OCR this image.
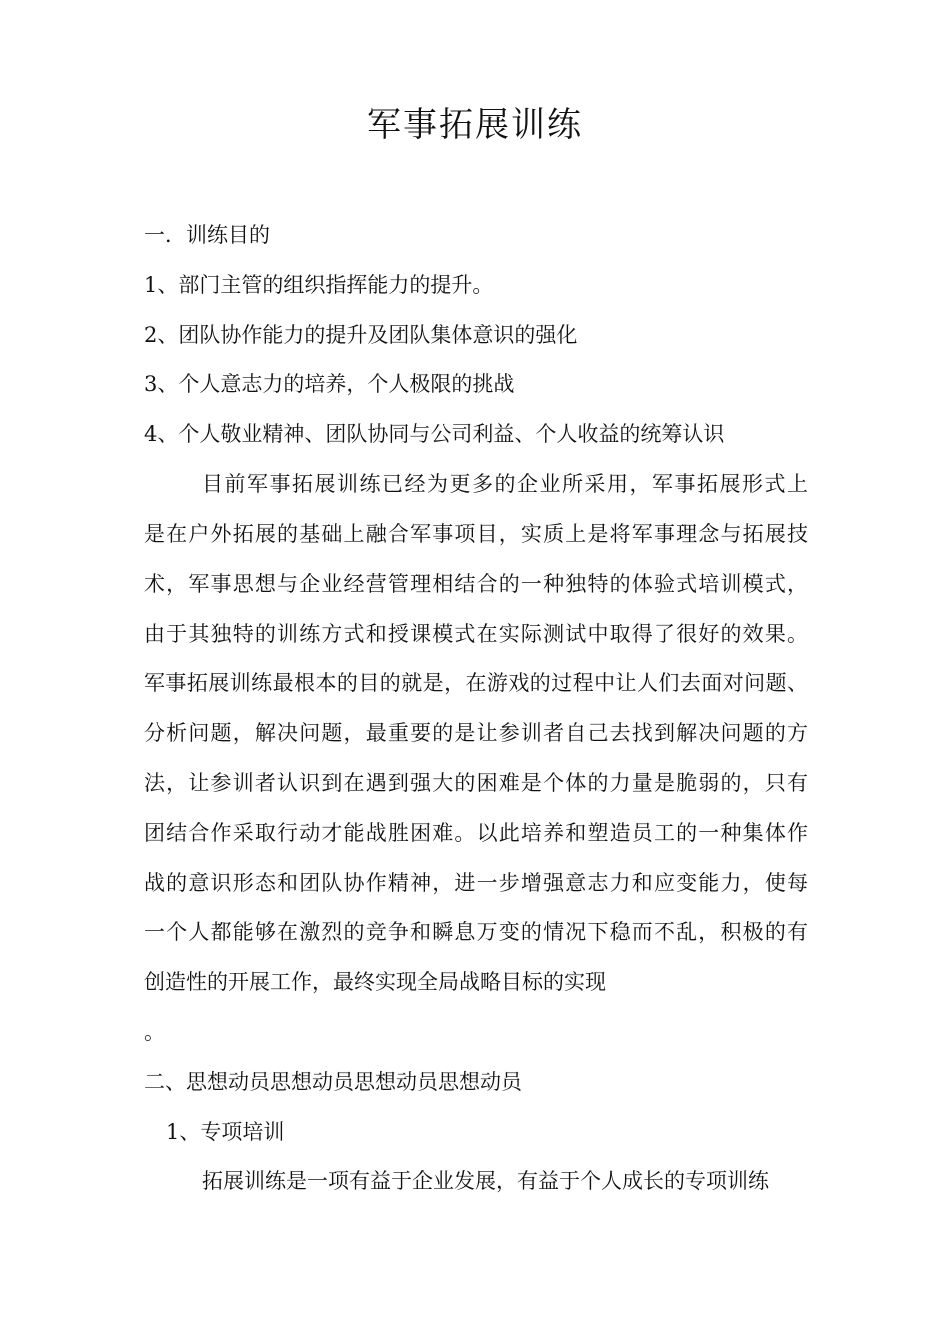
军事拓展训练
一．训练目的
1、部门主管的组织指挥能力的提升。
2、团队协作能力的提升及团队集体意识的强化
3、个人意志力的培养，个人极限的挑战
4、个人敬业精神、团队协同与公司利益、个人收益的统筹认识
目前军事拓展训练已经为更多的企业所采用，军事拓展形式上
是在户外拓展的基础上融合军事项目，实质上是将军事理念与拓展技
术，军事思想与企业经营管理相结合的一种独特的体验式培训模式，
由于其独特的训练方式和授课模式在实际测试中取得了很好的效果。
军事拓展训练最根本的目的就是，在游戏的过程中让人们去面对问题、
分析问题，解决问题，最重要的是让参训者自己去找到解决问题的方
法，让参训者认识到在遇到强大的困难是个体的力量是脆弱的，只有
团结合作采取行动才能战胜困难。以此培养和塑造员工的一种集体作
战的意识形态和团队协作精神，进一步增强意志力和应变能力，使每
一个人都能够在激烈的竞争和瞬息万变的情况下稳而不乱，积极的有
创造性的开展工作，最终实现全局战略目标的实现
。
二、思想动员思想动员思想动员思想动员
1、专项培训
拓展训练是一项有益于企业发展，有益于个人成长的专项训练
